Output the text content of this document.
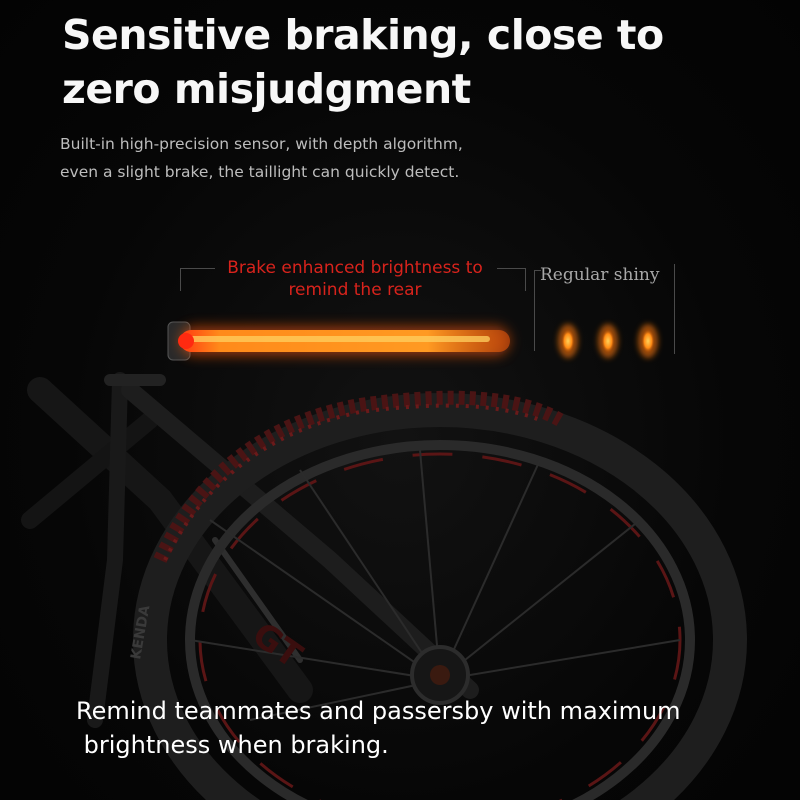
KENDA	GT
Sensitive braking, close to
zero misjudgment

Built-in high-precision sensor, with depth algorithm,
even a slight brake, the taillight can quickly detect.

Brake enhanced brightness to
remind the rear
Regular shiny

Remind teammates and passersby with maximum
brightness when braking.
